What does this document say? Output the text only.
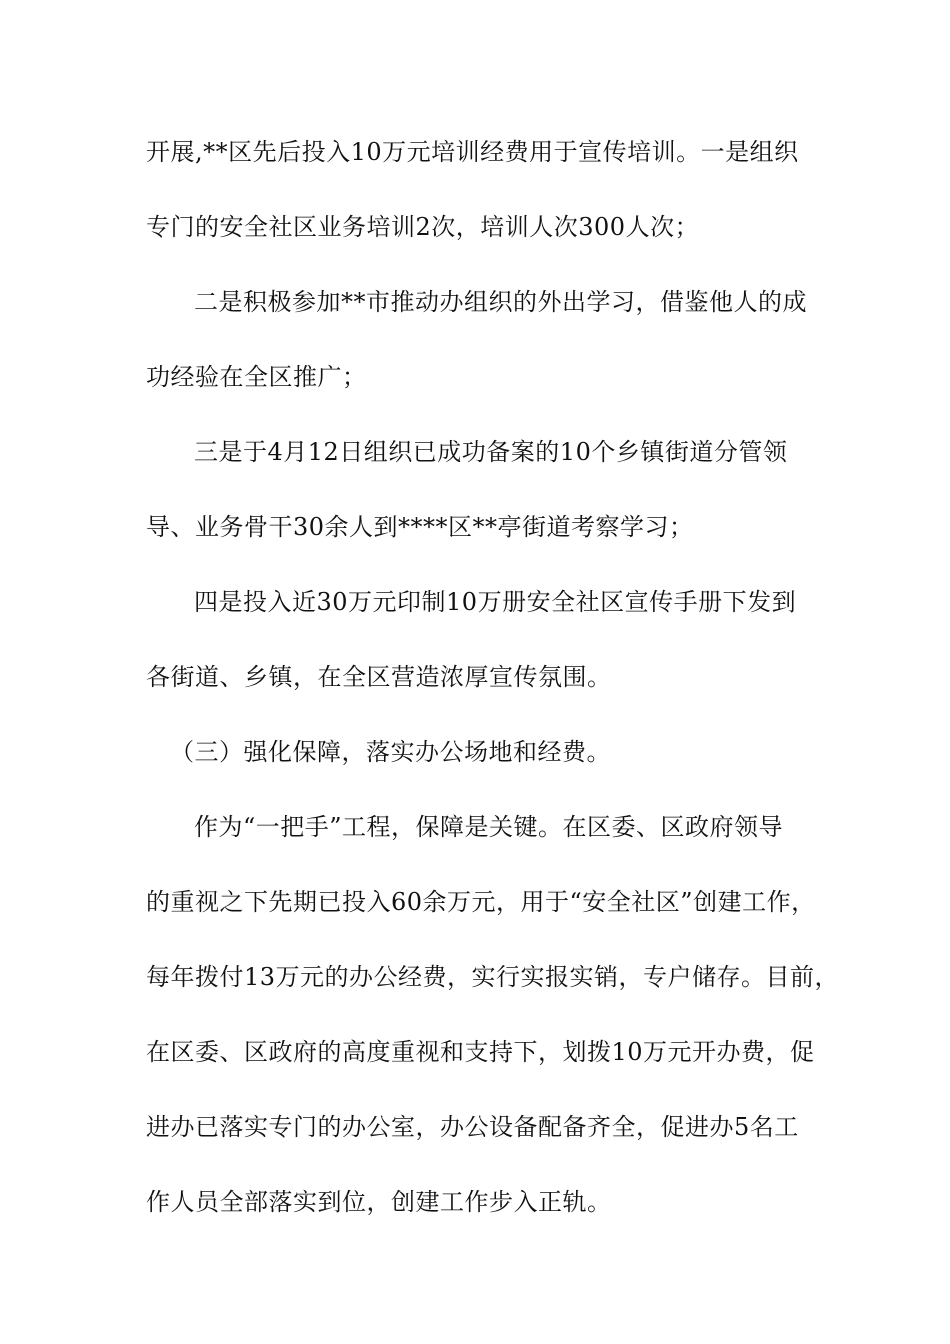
开展,**区先后投入10万元培训经费用于宣传培训。一是组织
专门的安全社区业务培训2次，培训人次300人次；
二是积极参加**市推动办组织的外出学习，借鉴他人的成
功经验在全区推广；
三是于4月12日组织已成功备案的10个乡镇街道分管领
导、业务骨干30余人到****区**亭街道考察学习；
四是投入近30万元印制10万册安全社区宣传手册下发到
各街道、乡镇，在全区营造浓厚宣传氛围。
（三）强化保障，落实办公场地和经费。
作为“一把手”工程，保障是关键。在区委、区政府领导
的重视之下先期已投入60余万元，用于“安全社区”创建工作，
每年拨付13万元的办公经费，实行实报实销，专户储存。目前，
在区委、区政府的高度重视和支持下，划拨10万元开办费，促
进办已落实专门的办公室，办公设备配备齐全，促进办5名工
作人员全部落实到位，创建工作步入正轨。
